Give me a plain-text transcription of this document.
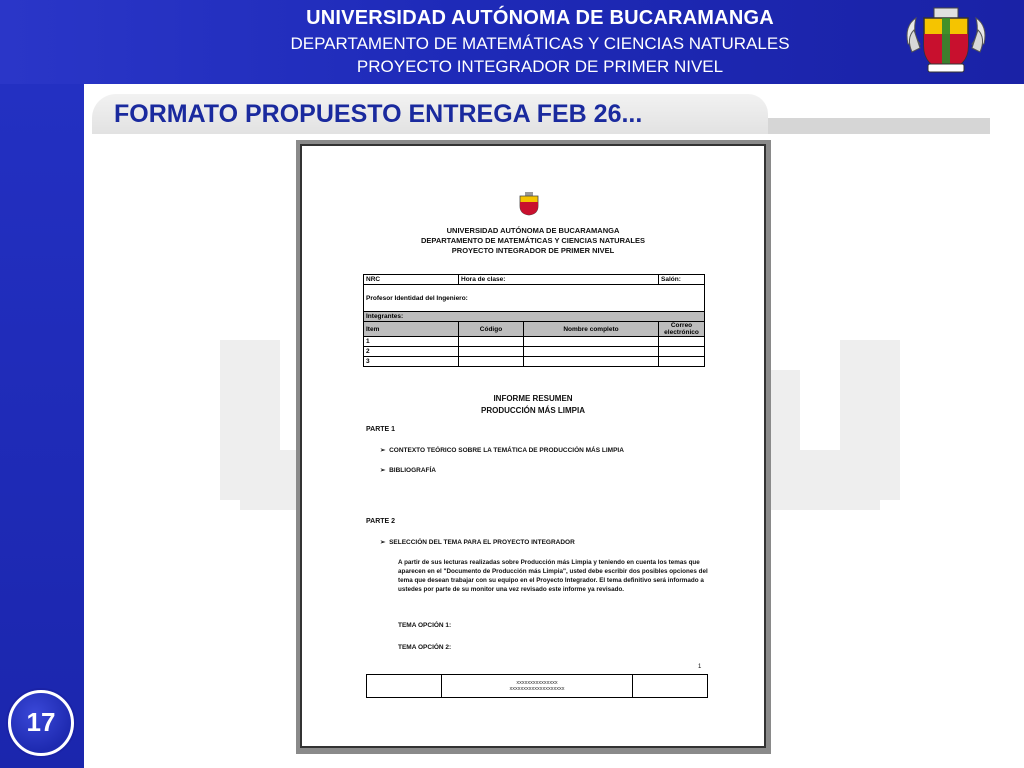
UNIVERSIDAD AUTÓNOMA DE BUCARAMANGA
DEPARTAMENTO DE MATEMÁTICAS Y CIENCIAS NATURALES
PROYECTO INTEGRADOR DE PRIMER NIVEL
FORMATO PROPUESTO ENTREGA FEB 26...
UNIVERSIDAD AUTÓNOMA DE BUCARAMANGA
DEPARTAMENTO DE MATEMÁTICAS Y CIENCIAS NATURALES
PROYECTO INTEGRADOR DE PRIMER NIVEL
NRC	Hora de clase:		Salón:
Profesor Identidad del Ingeniero:			
Integrantes:			
Item	Código	Nombre completo	Correo electrónico
1			
2			
3			
INFORME RESUMEN
PRODUCCIÓN MÁS LIMPIA
PARTE 1
➢  CONTEXTO TEÓRICO SOBRE LA TEMÁTICA DE PRODUCCIÓN MÁS LIMPIA
➢  BIBLIOGRAFÍA
PARTE 2
➢  SELECCIÓN DEL TEMA PARA EL PROYECTO INTEGRADOR
A partir de sus lecturas realizadas sobre Producción más Limpia y teniendo en cuenta los temas que aparecen en el "Documento de Producción más Limpia", usted debe escribir dos posibles opciones del tema que desean trabajar con su equipo en el Proyecto Integrador. El tema definitivo será informado a ustedes por parte de su monitor una vez revisado este informe ya revisado.
TEMA OPCIÓN 1:
TEMA OPCIÓN 2:
1

xxxxxxxxxxxxxxx
xxxxxxxxxxxxxxxxxxxx

17
